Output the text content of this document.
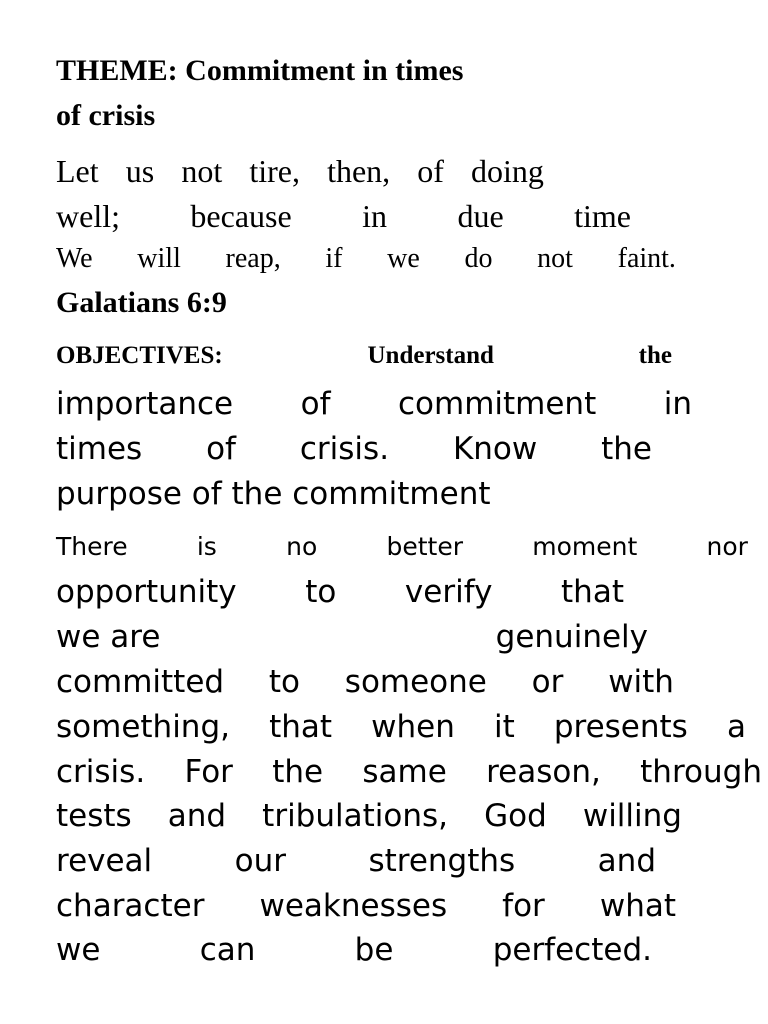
THEME: Commitment in times
of crisis
Let us not tire, then, of doing
well; because in due time
We will reap, if we do not faint.
Galatians 6:9
OBJECTIVES:	Understand	the
importance of commitment in
times of crisis. Know the
purpose of the commitment
There	is	no	better	moment	nor
opportunity to verify that
we are	genuinely
committed to someone or with
something, that when it presents a
crisis. For the same reason, through
tests and tribulations, God willing
reveal	our	strengths	and
character weaknesses for what
we	can	be	perfected.
